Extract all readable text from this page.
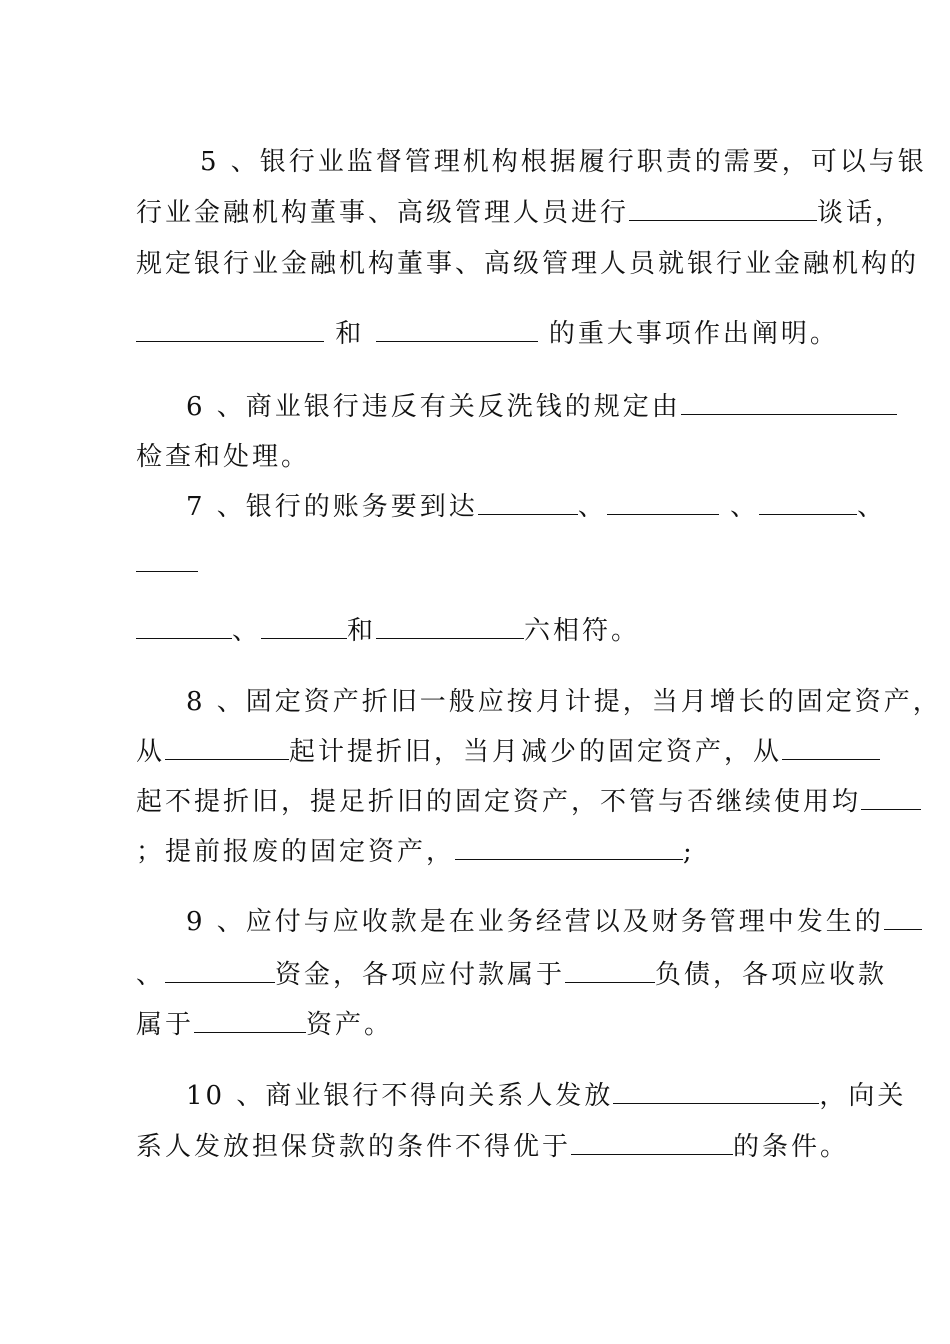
5 、银行业监督管理机构根据履行职责的需要，可以与银
行业金融机构董事、高级管理人员进行	谈话，
规定银行业金融机构董事、高级管理人员就银行业金融机构的
和	的重大事项作出阐明。
6 、商业银行违反有关反洗钱的规定由
检查和处理。
7 、银行的账务要到达	、	、	、
、	和	六相符。
8 、固定资产折旧一般应按月计提，当月增长的固定资产，
从	起计提折旧，当月减少的固定资产，从
起不提折旧，提足折旧的固定资产，不管与否继续使用均
；提前报废的固定资产，	;
9 、应付与应收款是在业务经营以及财务管理中发生的
、	资金，各项应付款属于	负债，各项应收款
属于	资产。
10 、商业银行不得向关系人发放	，向关
系人发放担保贷款的条件不得优于	的条件。
